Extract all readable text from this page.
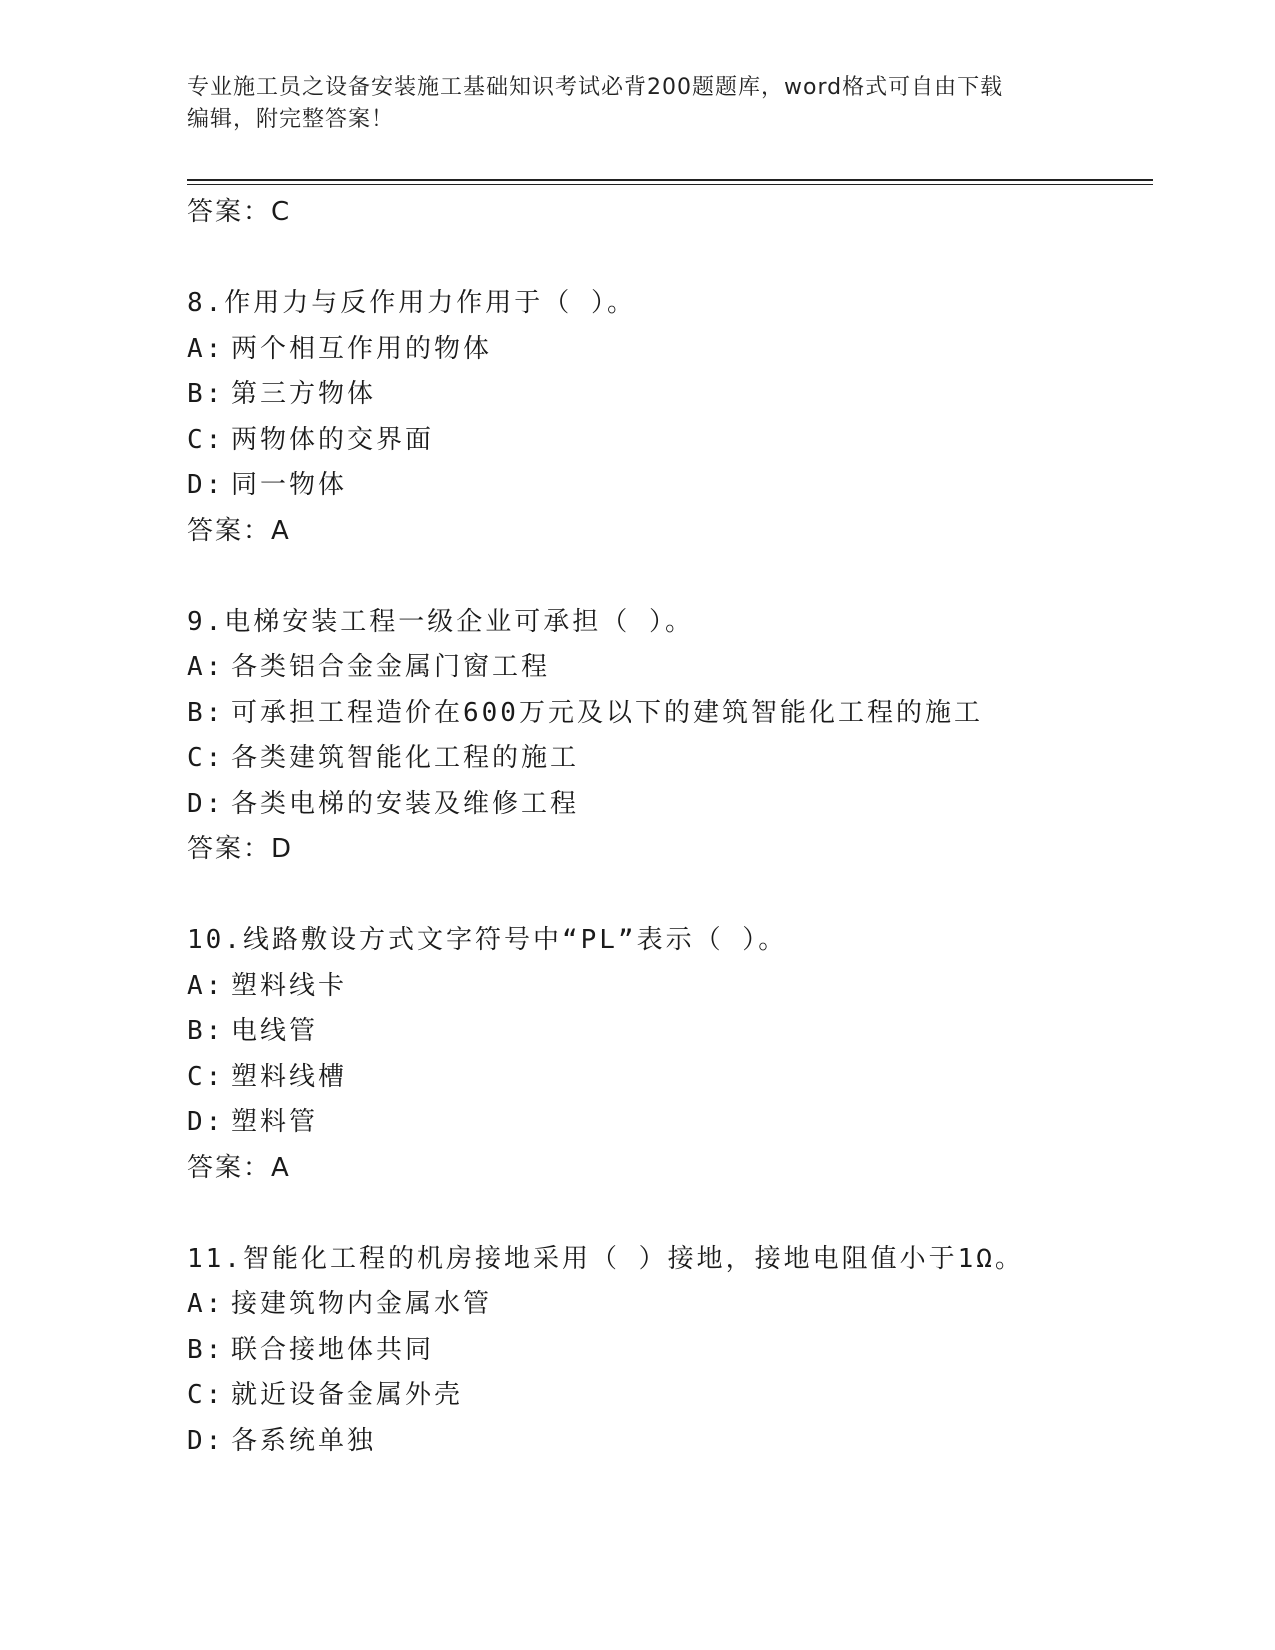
专业施工员之设备安装施工基础知识考试必背200题题库，word格式可自由下载
编辑，附完整答案！
答案：C
8.作用力与反作用力作用于（ ）。
A: 两个相互作用的物体
B: 第三方物体
C: 两物体的交界面
D: 同一物体
答案：A
9.电梯安装工程一级企业可承担（ ）。
A: 各类铝合金金属门窗工程
B: 可承担工程造价在600万元及以下的建筑智能化工程的施工
C: 各类建筑智能化工程的施工
D: 各类电梯的安装及维修工程
答案：D
10.线路敷设方式文字符号中“PL”表示（ ）。
A: 塑料线卡
B: 电线管
C: 塑料线槽
D: 塑料管
答案：A
11.智能化工程的机房接地采用（ ）接地，接地电阻值小于1Ω。
A: 接建筑物内金属水管
B: 联合接地体共同
C: 就近设备金属外壳
D: 各系统单独
